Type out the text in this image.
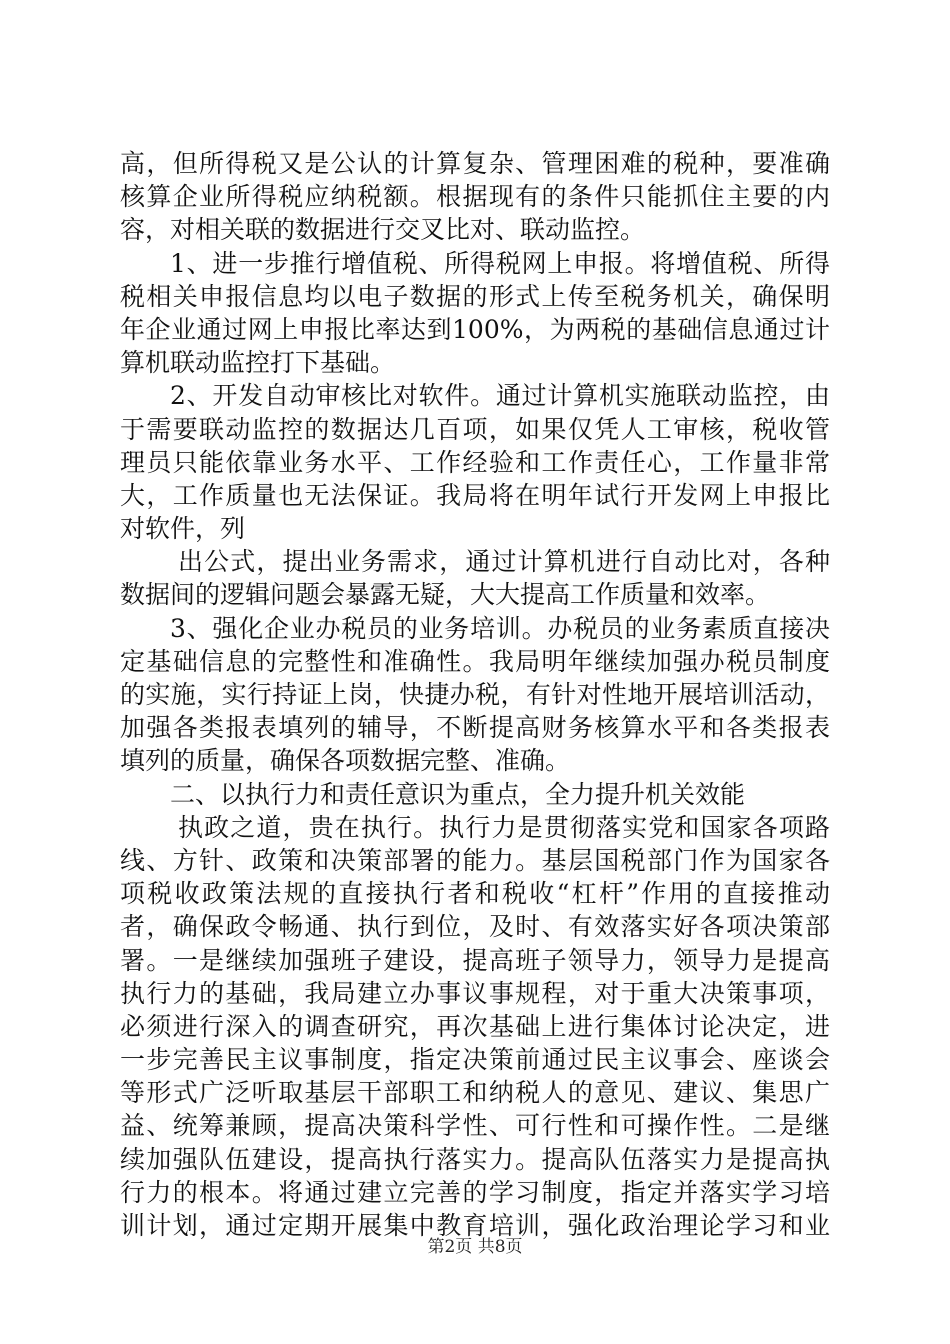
高，但所得税又是公认的计算复杂、管理困难的税种，要准确
核算企业所得税应纳税额。根据现有的条件只能抓住主要的内
容，对相关联的数据进行交叉比对、联动监控。
1、进一步推行增值税、所得税网上申报。将增值税、所得
税相关申报信息均以电子数据的形式上传至税务机关，确保明
年企业通过网上申报比率达到100%，为两税的基础信息通过计
算机联动监控打下基础。
2、开发自动审核比对软件。通过计算机实施联动监控，由
于需要联动监控的数据达几百项，如果仅凭人工审核，税收管
理员只能依靠业务水平、工作经验和工作责任心，工作量非常
大，工作质量也无法保证。我局将在明年试行开发网上申报比
对软件，列
出公式，提出业务需求，通过计算机进行自动比对，各种
数据间的逻辑问题会暴露无疑，大大提高工作质量和效率。
3、强化企业办税员的业务培训。办税员的业务素质直接决
定基础信息的完整性和准确性。我局明年继续加强办税员制度
的实施，实行持证上岗，快捷办税，有针对性地开展培训活动，
加强各类报表填列的辅导，不断提高财务核算水平和各类报表
填列的质量，确保各项数据完整、准确。
二、以执行力和责任意识为重点，全力提升机关效能
执政之道，贵在执行。执行力是贯彻落实党和国家各项路
线、方针、政策和决策部署的能力。基层国税部门作为国家各
项税收政策法规的直接执行者和税收“杠杆”作用的直接推动
者，确保政令畅通、执行到位，及时、有效落实好各项决策部
署。一是继续加强班子建设，提高班子领导力，领导力是提高
执行力的基础，我局建立办事议事规程，对于重大决策事项，
必须进行深入的调查研究，再次基础上进行集体讨论决定，进
一步完善民主议事制度，指定决策前通过民主议事会、座谈会
等形式广泛听取基层干部职工和纳税人的意见、建议、集思广
益、统筹兼顾，提高决策科学性、可行性和可操作性。二是继
续加强队伍建设，提高执行落实力。提高队伍落实力是提高执
行力的根本。将通过建立完善的学习制度，指定并落实学习培
训计划，通过定期开展集中教育培训，强化政治理论学习和业
第2页 共8页
